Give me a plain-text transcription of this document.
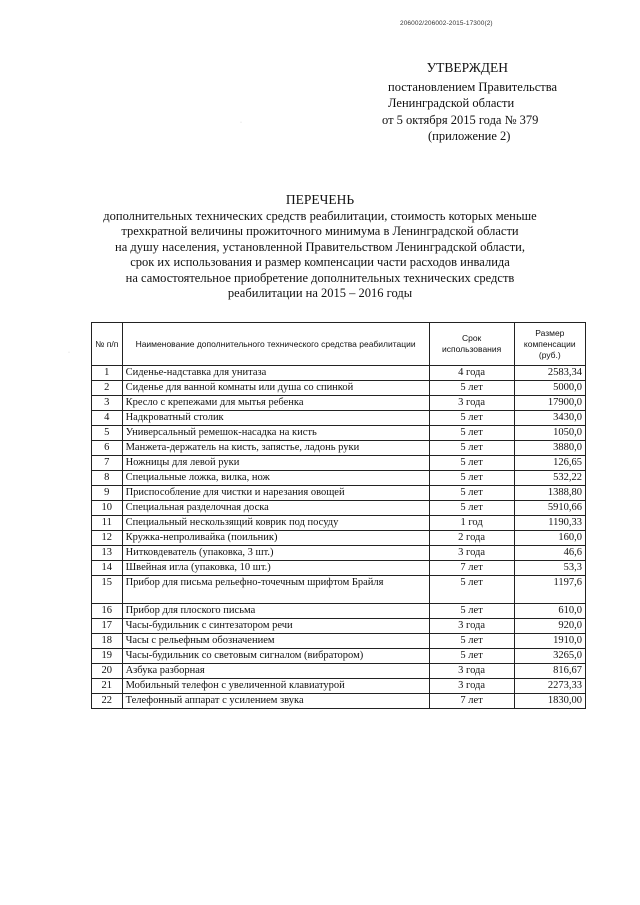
206002/206002-2015-17300(2)
УТВЕРЖДЕН
постановлением Правительства
Ленинградской области
от 5 октября 2015 года № 379
(приложение 2)
ПЕРЕЧЕНЬ
дополнительных технических средств реабилитации, стоимость которых меньше
трехкратной величины прожиточного минимума в Ленинградской области
на душу населения, установленной Правительством Ленинградской области,
срок их использования и размер компенсации части расходов инвалида
на самостоятельное приобретение дополнительных технических средств
реабилитации на 2015 – 2016 годы
№ п/п	Наименование дополнительного технического средства реабилитации	Срок использования	Размер компенсации (руб.)
1	Сиденье-надставка для унитаза	4 года	2583,34
2	Сиденье для ванной комнаты или душа со спинкой	5 лет	5000,0
3	Кресло с крепежами для мытья ребенка	3 года	17900,0
4	Надкроватный столик	5 лет	3430,0
5	Универсальный ремешок-насадка на кисть	5 лет	1050,0
6	Манжета-держатель на кисть, запястье, ладонь руки	5 лет	3880,0
7	Ножницы для левой руки	5 лет	126,65
8	Специальные ложка, вилка, нож	5 лет	532,22
9	Приспособление для чистки и нарезания овощей	5 лет	1388,80
10	Специальная разделочная доска	5 лет	5910,66
11	Специальный нескользящий коврик под посуду	1 год	1190,33
12	Кружка-непроливайка (поильник)	2 года	160,0
13	Нитковдеватель (упаковка, 3 шт.)	3 года	46,6
14	Швейная игла (упаковка, 10 шт.)	7 лет	53,3
15	Прибор для письма рельефно-точечным шрифтом Брайля	5 лет	1197,6
16	Прибор для плоского письма	5 лет	610,0
17	Часы-будильник с синтезатором речи	3 года	920,0
18	Часы с рельефным обозначением	5 лет	1910,0
19	Часы-будильник со световым сигналом (вибратором)	5 лет	3265,0
20	Азбука разборная	3 года	816,67
21	Мобильный телефон с увеличенной клавиатурой	3 года	2273,33
22	Телефонный аппарат с усилением звука	7 лет	1830,00
·
·
